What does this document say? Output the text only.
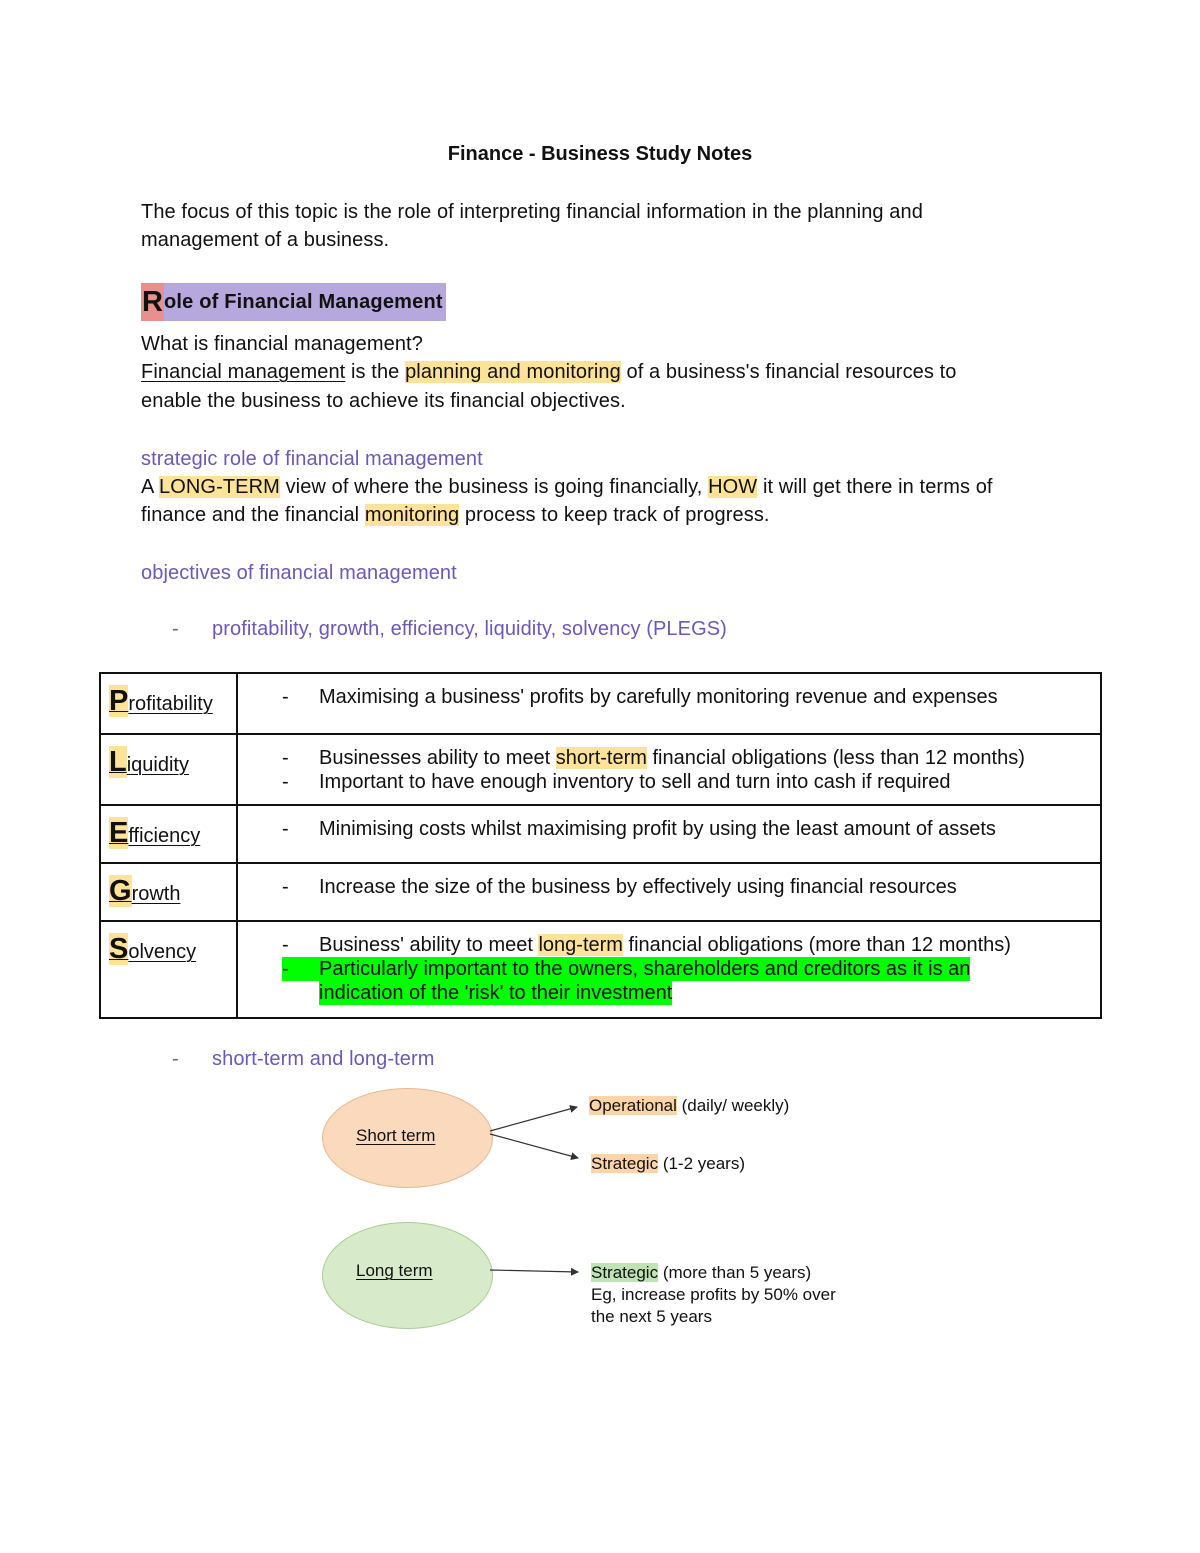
Finance - Business Study Notes
The focus of this topic is the role of interpreting financial information in the planning and
management of a business.
R ole of Financial Management
What is financial management?
Financial management is the planning and monitoring of a business's financial resources to
enable the business to achieve its financial objectives.
strategic role of financial management
A LONG-TERM view of where the business is going financially, HOW it will get there in terms of
finance and the financial monitoring process to keep track of progress.
objectives of financial management
- profitability, growth, efficiency, liquidity, solvency (PLEGS)
Profitability	-	Maximising a business' profits by carefully monitoring revenue and expenses
Liquidity	-	Businesses ability to meet short-term financial obligations (less than 12 months)
-	Important to have enough inventory to sell and turn into cash if required
Efficiency	-	Minimising costs whilst maximising profit by using the least amount of assets
Growth	-	Increase the size of the business by effectively using financial resources
Solvency	-	Business' ability to meet long-term financial obligations (more than 12 months)
-	Particularly important to the owners, shareholders and creditors as it is an
indication of the 'risk' to their investment
- short-term and long-term
Short term
Long term
Operational (daily/ weekly)
Strategic (1-2 years)
Strategic (more than 5 years)
Eg, increase profits by 50% over
the next 5 years
